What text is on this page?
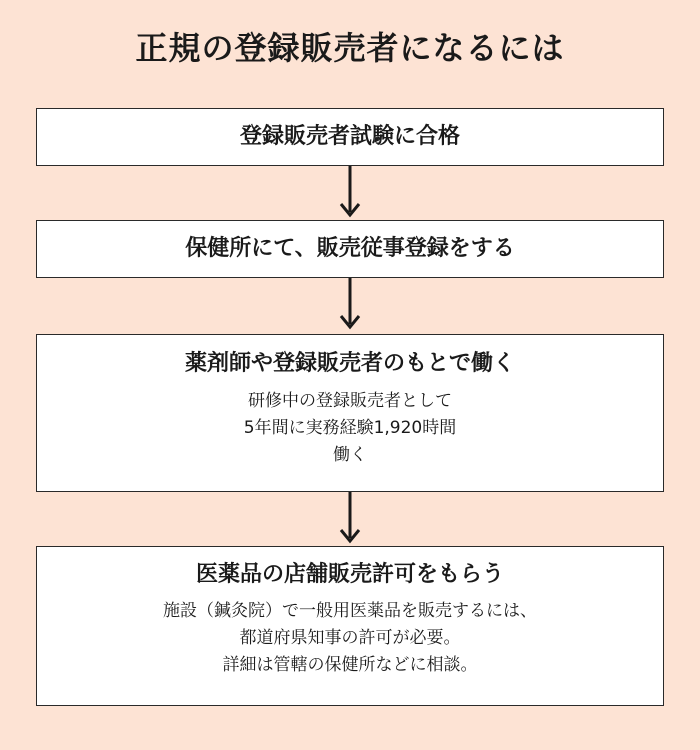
正規の登録販売者になるには
登録販売者試験に合格
保健所にて、販売従事登録をする
薬剤師や登録販売者のもとで働く
研修中の登録販売者として
5年間に実務経験1,920時間
働く
医薬品の店舗販売許可をもらう
施設（鍼灸院）で一般用医薬品を販売するには、
都道府県知事の許可が必要。
詳細は管轄の保健所などに相談。
